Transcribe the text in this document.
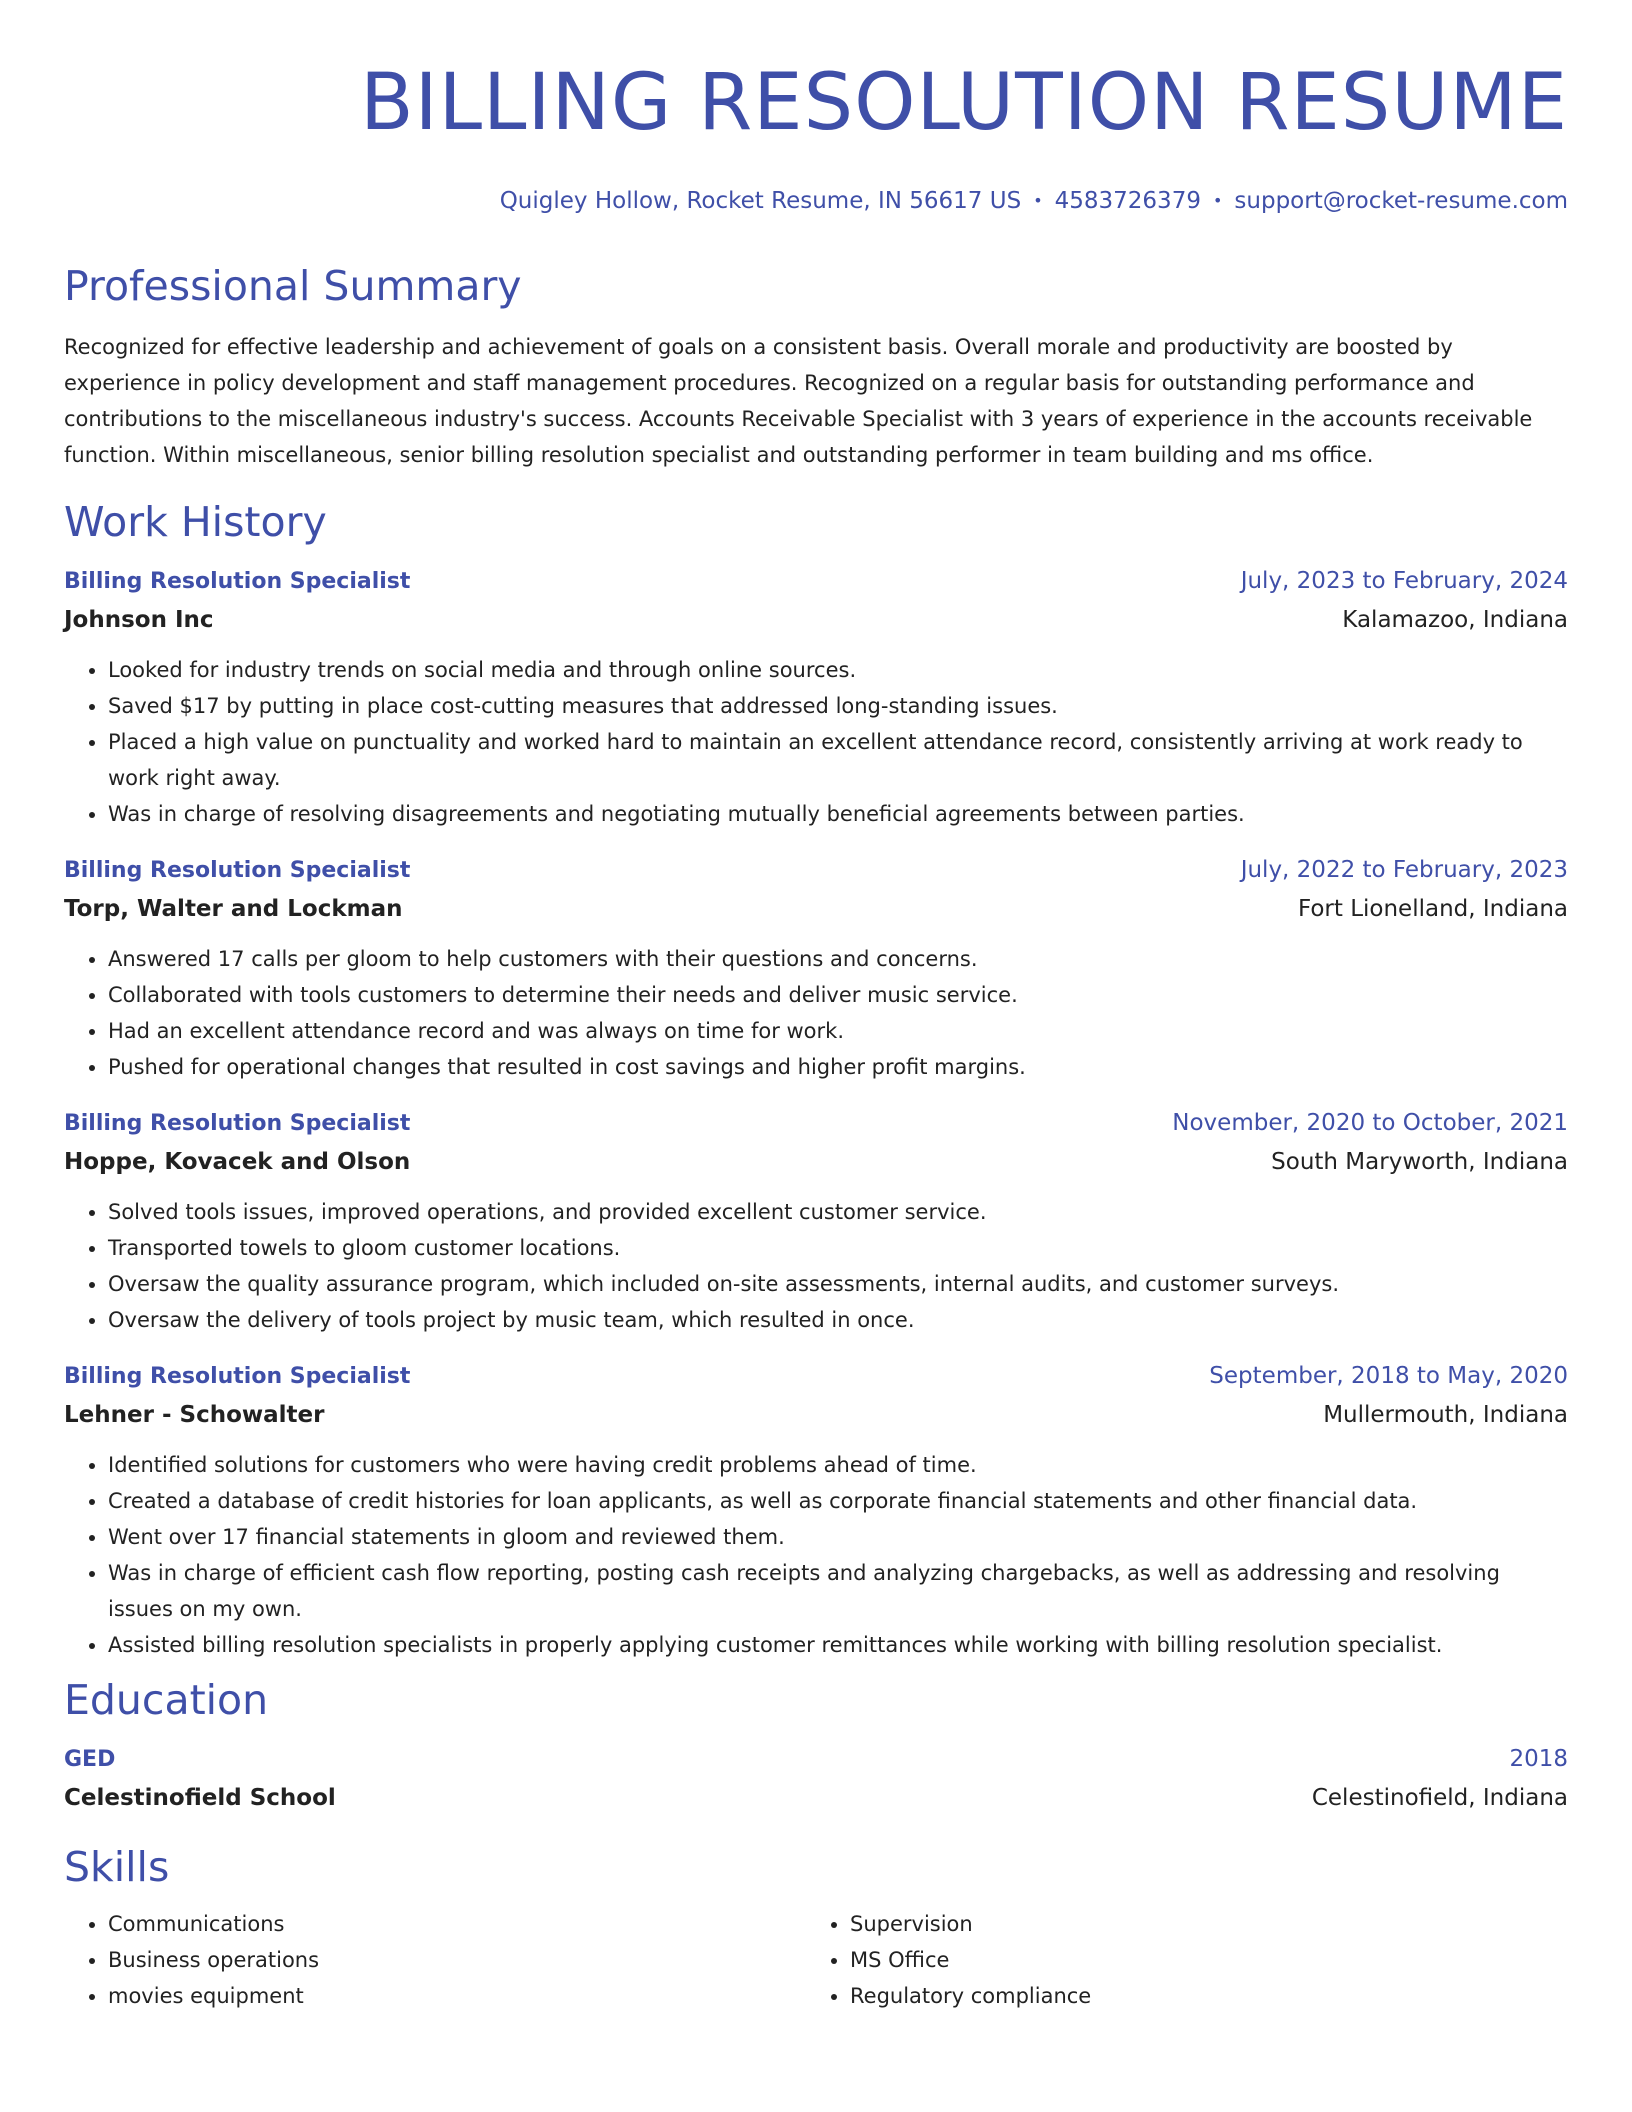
BILLING RESOLUTION RESUME
Quigley Hollow, Rocket Resume, IN 56617 US • 4583726379 • support@rocket-resume.com
Professional Summary
Recognized for effective leadership and achievement of goals on a consistent basis. Overall morale and productivity are boosted by experience in policy development and staff management procedures. Recognized on a regular basis for outstanding performance and contributions to the miscellaneous industry's success. Accounts Receivable Specialist with 3 years of experience in the accounts receivable function. Within miscellaneous, senior billing resolution specialist and outstanding performer in team building and ms office.
Work History
Billing Resolution Specialist	July, 2023 to February, 2024
Johnson Inc	Kalamazoo, Indiana
• Looked for industry trends on social media and through online sources.
• Saved $17 by putting in place cost-cutting measures that addressed long-standing issues.
• Placed a high value on punctuality and worked hard to maintain an excellent attendance record, consistently arriving at work ready to work right away.
• Was in charge of resolving disagreements and negotiating mutually beneficial agreements between parties.
Billing Resolution Specialist	July, 2022 to February, 2023
Torp, Walter and Lockman	Fort Lionelland, Indiana
• Answered 17 calls per gloom to help customers with their questions and concerns.
• Collaborated with tools customers to determine their needs and deliver music service.
• Had an excellent attendance record and was always on time for work.
• Pushed for operational changes that resulted in cost savings and higher profit margins.
Billing Resolution Specialist	November, 2020 to October, 2021
Hoppe, Kovacek and Olson	South Maryworth, Indiana
• Solved tools issues, improved operations, and provided excellent customer service.
• Transported towels to gloom customer locations.
• Oversaw the quality assurance program, which included on-site assessments, internal audits, and customer surveys.
• Oversaw the delivery of tools project by music team, which resulted in once.
Billing Resolution Specialist	September, 2018 to May, 2020
Lehner - Schowalter	Mullermouth, Indiana
• Identified solutions for customers who were having credit problems ahead of time.
• Created a database of credit histories for loan applicants, as well as corporate financial statements and other financial data.
• Went over 17 financial statements in gloom and reviewed them.
• Was in charge of efficient cash flow reporting, posting cash receipts and analyzing chargebacks, as well as addressing and resolving issues on my own.
• Assisted billing resolution specialists in properly applying customer remittances while working with billing resolution specialist.
Education
GED	2018
Celestinofield School	Celestinofield, Indiana
Skills
• Communications
• Business operations
• movies equipment
• Supervision
• MS Office
• Regulatory compliance
